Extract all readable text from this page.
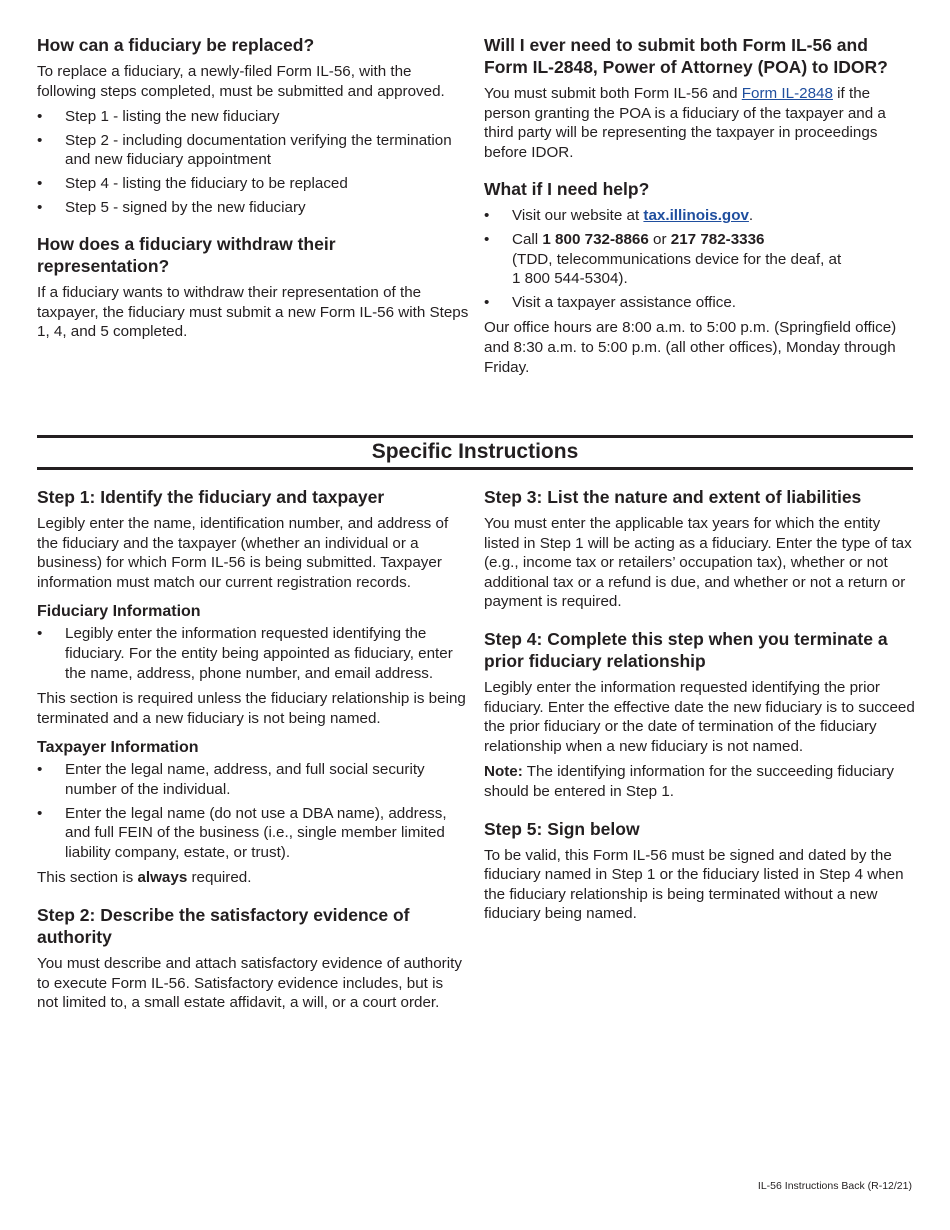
How can a fiduciary be replaced?

To replace a fiduciary, a newly-filed Form IL-56, with the following steps completed, must be submitted and approved.

• Step 1 - listing the new fiduciary
• Step 2 - including documentation verifying the termination and new fiduciary appointment
• Step 4 - listing the fiduciary to be replaced
• Step 5 - signed by the new fiduciary
How does a fiduciary withdraw their representation?

If a fiduciary wants to withdraw their representation of the taxpayer, the fiduciary must submit a new Form IL-56 with Steps 1, 4, and 5 completed.

Will I ever need to submit both Form IL-56 and Form IL-2848, Power of Attorney (POA) to IDOR?

You must submit both Form IL-56 and Form IL-2848 if the person granting the POA is a fiduciary of the taxpayer and a third party will be representing the taxpayer in proceedings before IDOR.

What if I need help?
• Visit our website at tax.illinois.gov.
• Call 1 800 732-8866 or 217 782-3336
(TDD, telecommunications device for the deaf, at
1 800 544-5304).
• Visit a taxpayer assistance office.

Our office hours are 8:00 a.m. to 5:00 p.m. (Springfield office) and 8:30 a.m. to 5:00 p.m. (all other offices), Monday through Friday.

Specific Instructions
Step 1: Identify the fiduciary and taxpayer

Legibly enter the name, identification number, and address of the fiduciary and the taxpayer (whether an individual or a business) for which Form IL-56 is being submitted. Taxpayer information must match our current registration records.

Fiduciary Information
• Legibly enter the information requested identifying the fiduciary. For the entity being appointed as fiduciary, enter the name, address, phone number, and email address.

This section is required unless the fiduciary relationship is being terminated and a new fiduciary is not being named.

Taxpayer Information
• Enter the legal name, address, and full social security number of the individual.
• Enter the legal name (do not use a DBA name), address, and full FEIN of the business (i.e., single member limited liability company, estate, or trust).

This section is always required.

Step 2: Describe the satisfactory evidence of authority

You must describe and attach satisfactory evidence of authority to execute Form IL-56. Satisfactory evidence includes, but is not limited to, a small estate affidavit, a will, or a court order.

Step 3: List the nature and extent of liabilities

You must enter the applicable tax years for which the entity listed in Step 1 will be acting as a fiduciary. Enter the type of tax (e.g., income tax or retailers’ occupation tax), whether or not additional tax or a refund is due, and whether or not a return or payment is required.

Step 4: Complete this step when you terminate a prior fiduciary relationship

Legibly enter the information requested identifying the prior fiduciary. Enter the effective date the new fiduciary is to succeed the prior fiduciary or the date of termination of the fiduciary relationship when a new fiduciary is not named.

Note: The identifying information for the succeeding fiduciary should be entered in Step 1.

Step 5: Sign below

To be valid, this Form IL-56 must be signed and dated by the fiduciary named in Step 1 or the fiduciary listed in Step 4 when the fiduciary relationship is being terminated without a new fiduciary being named.

IL-56 Instructions Back (R-12/21)
